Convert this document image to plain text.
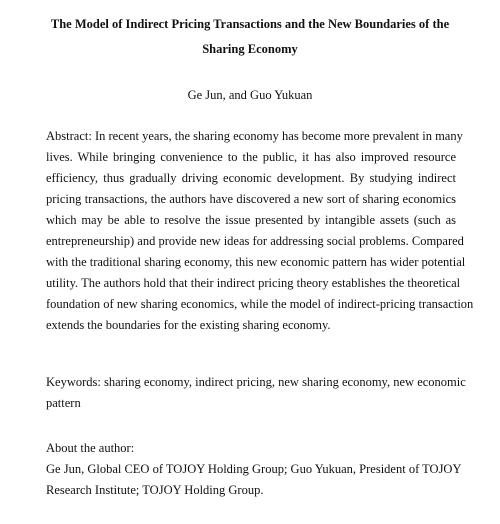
The Model of Indirect Pricing Transactions and the New Boundaries of the
Sharing Economy

Ge Jun, and Guo Yukuan

Abstract: In recent years, the sharing economy has become more prevalent in many
lives. While bringing convenience to the public, it has also improved resource
efficiency, thus gradually driving economic development. By studying indirect
pricing transactions, the authors have discovered a new sort of sharing economics
which may be able to resolve the issue presented by intangible assets (such as
entrepreneurship) and provide new ideas for addressing social problems. Compared
with the traditional sharing economy, this new economic pattern has wider potential
utility. The authors hold that their indirect pricing theory establishes the theoretical
foundation of new sharing economics, while the model of indirect-pricing transaction
extends the boundaries for the existing sharing economy.
Keywords: sharing economy, indirect pricing, new sharing economy, new economic
pattern
About the author:
Ge Jun, Global CEO of TOJOY Holding Group; Guo Yukuan, President of TOJOY
Research Institute; TOJOY Holding Group.
